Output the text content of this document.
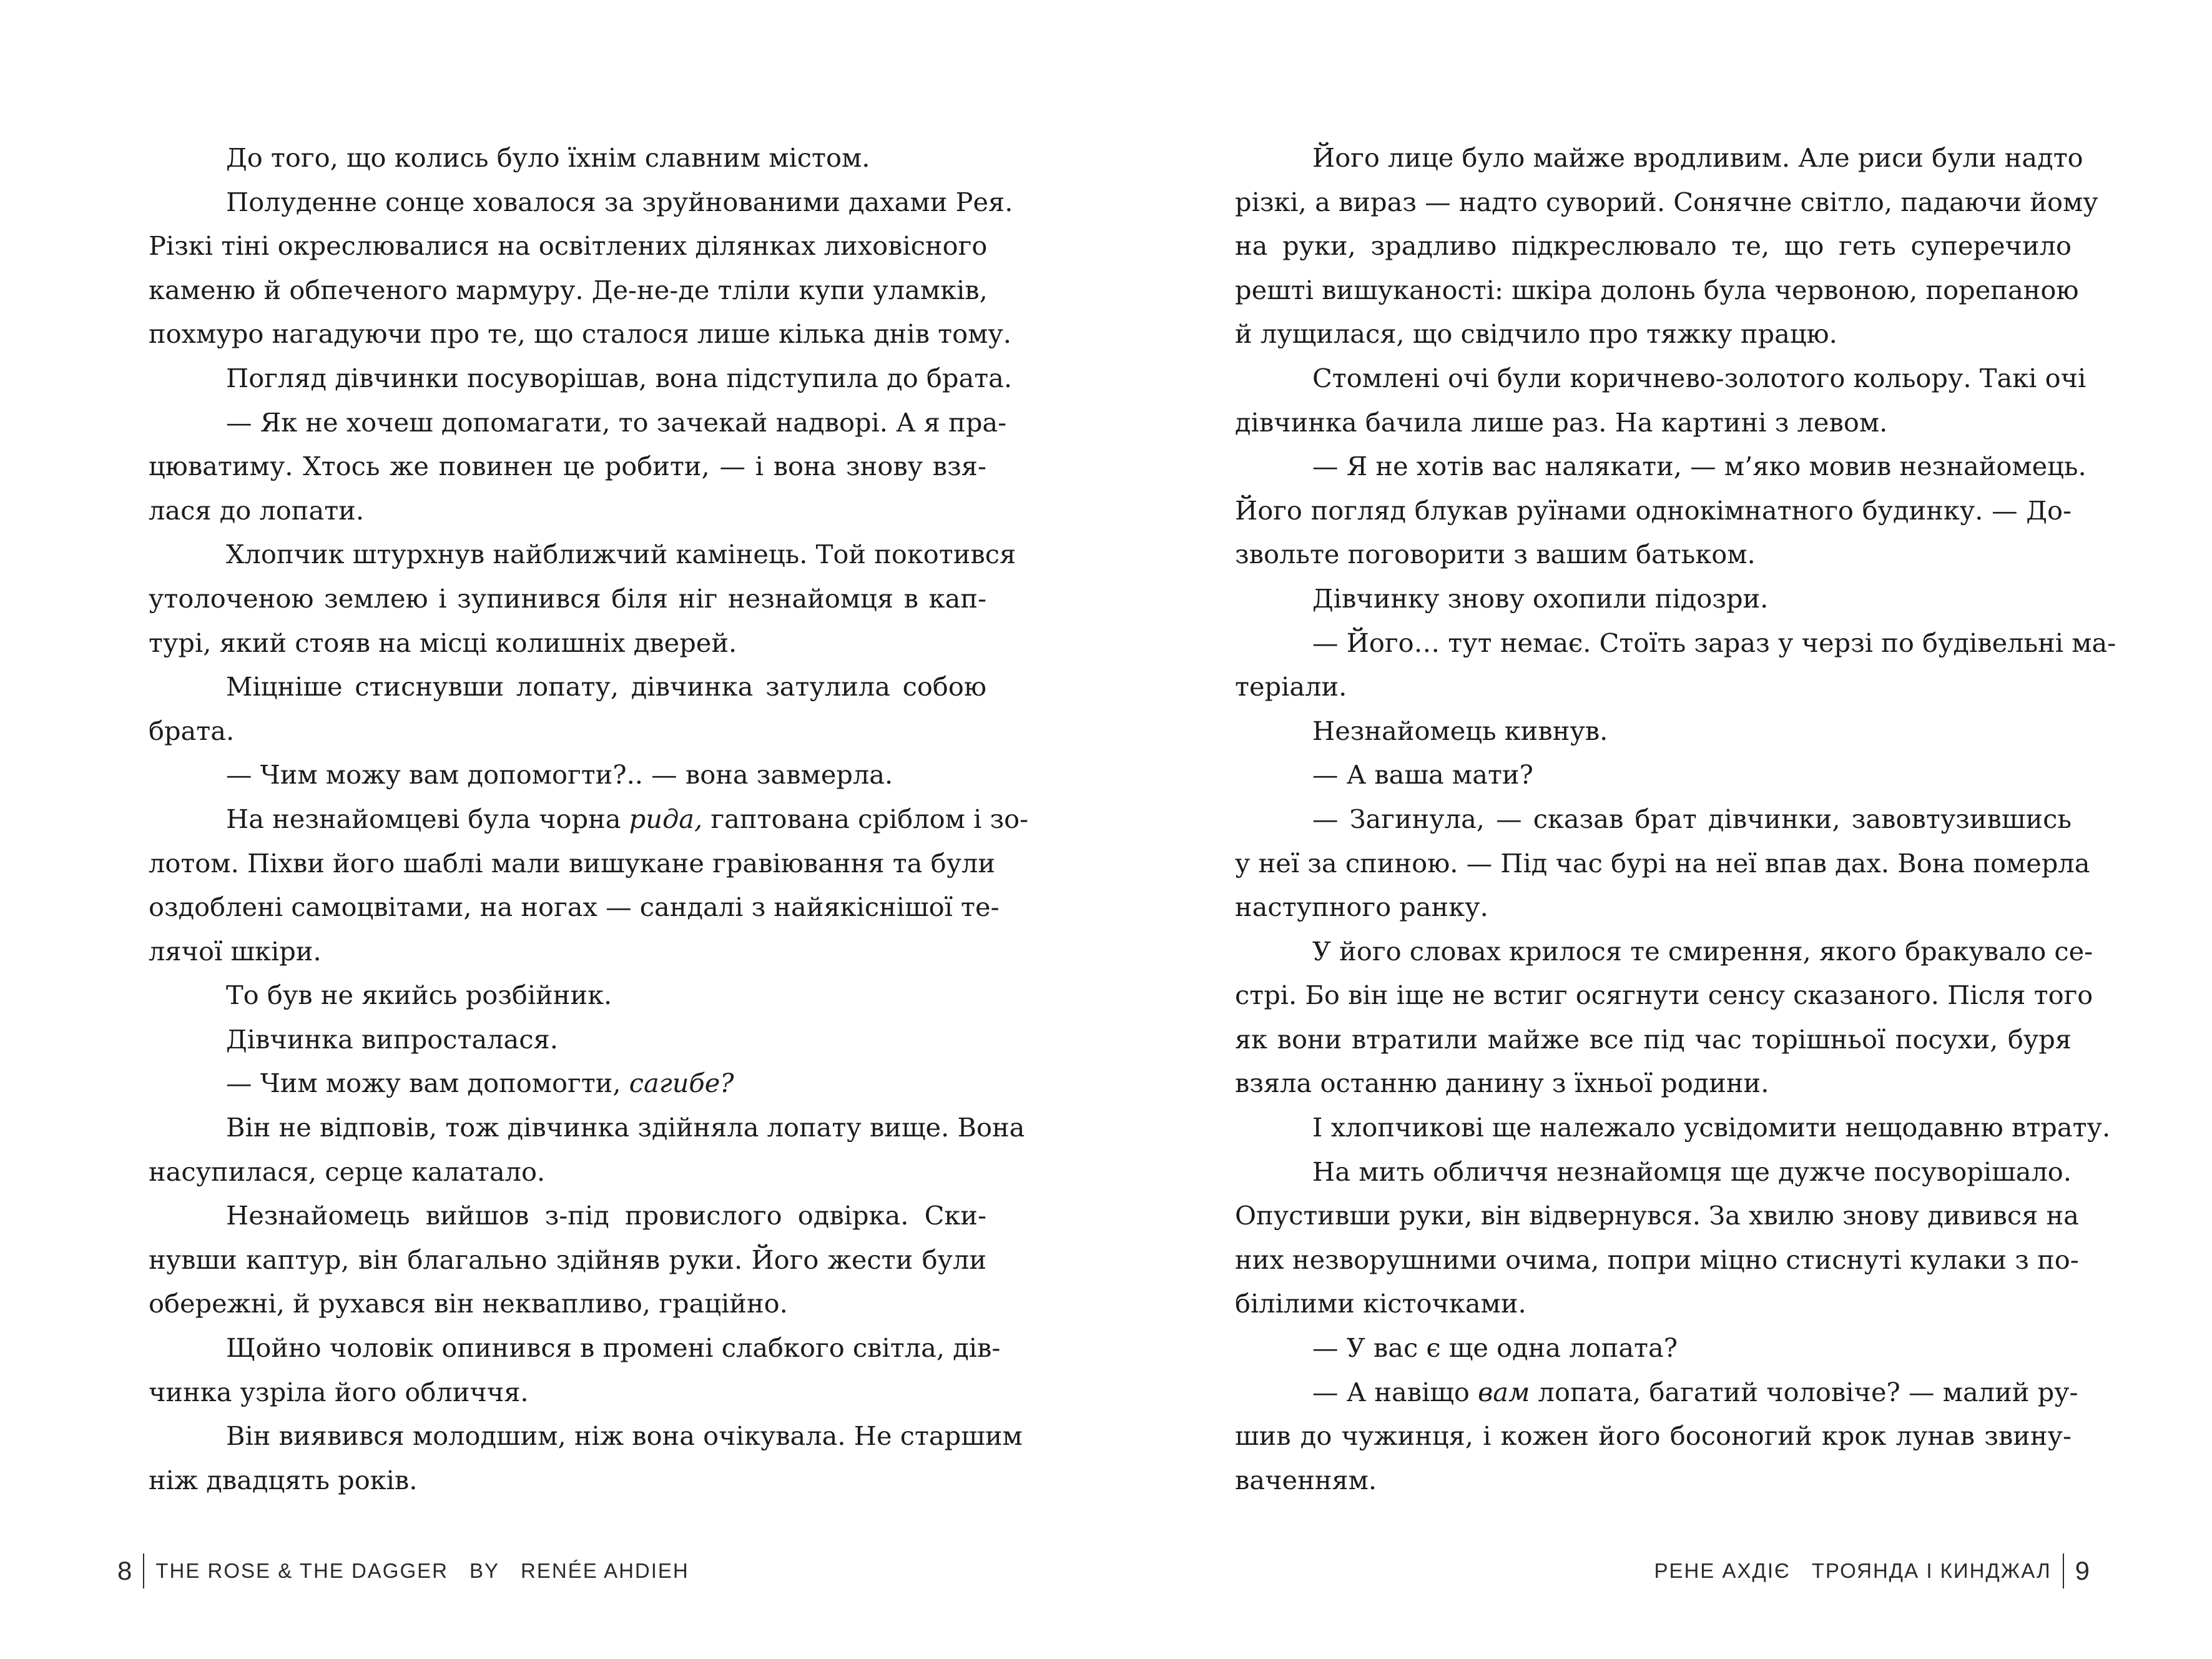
До того, що колись було їхнім славним містом.

Полуденне сонце ховалося за зруйнованими дахами Рея.
Різкі тіні окреслювалися на освітлених ділянках лиховісного
каменю й обпеченого мармуру. Де-не-де тліли купи уламків,
похмуро нагадуючи про те, що сталося лише кілька днів тому.

Погляд дівчинки посуворішав, вона підступила до брата.

— Як не хочеш допомагати, то зачекай надворі. А я пра-
цюватиму. Хтось же повинен це робити, — і вона знову взя-
лася до лопати.

Хлопчик штурхнув найближчий камінець. Той покотився
утолоченою землею і зупинився біля ніг незнайомця в кап-
турі, який стояв на місці колишніх дверей.

Міцніше стиснувши лопату, дівчинка затулила собою
брата.

— Чим можу вам допомогти?.. — вона завмерла.

На незнайомцеві була чорна рида, гаптована сріблом і зо-
лотом. Піхви його шаблі мали вишукане гравіювання та були
оздоблені самоцвітами, на ногах — сандалі з найякіснішої те-
лячої шкіри.

То був не якийсь розбійник.

Дівчинка випросталася.

— Чим можу вам допомогти, сагибе?

Він не відповів, тож дівчинка здійняла лопату вище. Вона
насупилася, серце калатало.

Незнайомець вийшов з-під провислого одвірка. Ски-
нувши каптур, він благально здійняв руки. Його жести були
обережні, й рухався він неквапливо, граційно.

Щойно чоловік опинився в промені слабкого світла, дів-
чинка узріла його обличчя.

Він виявився молодшим, ніж вона очікувала. Не старшим
ніж двадцять років.

8 THE ROSE & THE DAGGER BY RENÉE AHDIEH

Його лице було майже вродливим. Але риси були надто
різкі, а вираз — надто суворий. Сонячне світло, падаючи йому
на руки, зрадливо підкреслювало те, що геть суперечило
решті вишуканості: шкіра долонь була червоною, порепаною
й лущилася, що свідчило про тяжку працю.

Стомлені очі були коричнево-золотого кольору. Такі очі
дівчинка бачила лише раз. На картині з левом.

— Я не хотів вас налякати, — м’яко мовив незнайомець.
Його погляд блукав руїнами однокімнатного будинку. — До-
звольте поговорити з вашим батьком.

Дівчинку знову охопили підозри.

— Його… тут немає. Стоїть зараз у черзі по будівельні ма-
теріали.

Незнайомець кивнув.

— А ваша мати?

— Загинула, — сказав брат дівчинки, завовтузившись
у неї за спиною. — Під час бурі на неї впав дах. Вона померла
наступного ранку.

У його словах крилося те смирення, якого бракувало се-
стрі. Бо він іще не встиг осягнути сенсу сказаного. Після того
як вони втратили майже все під час торішньої посухи, буря
взяла останню данину з їхньої родини.

І хлопчикові ще належало усвідомити нещодавню втрату.

На мить обличчя незнайомця ще дужче посуворішало.
Опустивши руки, він відвернувся. За хвилю знову дивився на
них незворушними очима, попри міцно стиснуті кулаки з по-
білілими кісточками.

— У вас є ще одна лопата?

— А навіщо вам лопата, багатий чоловіче? — малий ру-
шив до чужинця, і кожен його босоногий крок лунав звину-
ваченням.

РЕНЕ АХДІЄ ТРОЯНДА І КИНДЖАЛ 9
